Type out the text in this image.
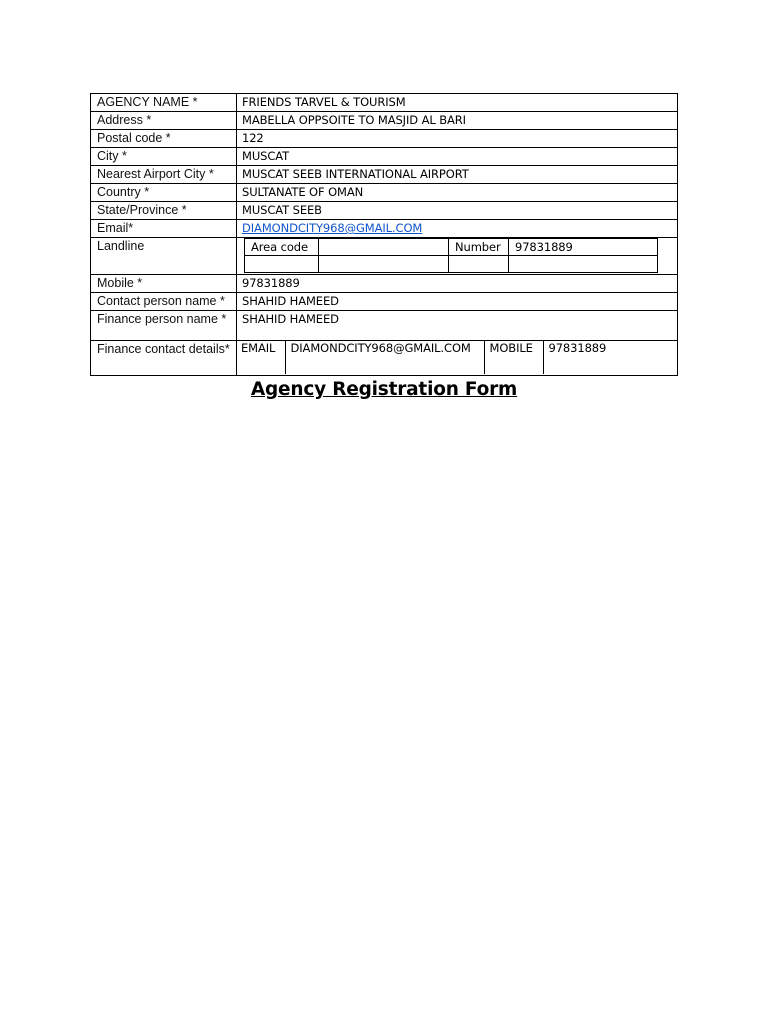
AGENCY NAME *	FRIENDS TARVEL & TOURISM
Address *	MABELLA OPPSOITE TO MASJID AL BARI
Postal code *	122
City *	MUSCAT
Nearest Airport City *	MUSCAT SEEB INTERNATIONAL AIRPORT
Country *	SULTANATE OF OMAN
State/Province *	MUSCAT SEEB
Email*	DIAMONDCITY968@GMAIL.COM
Landline		Area code		Number	97831889

Mobile *	97831889
Contact person name *	SHAHID HAMEED
Finance person name *	SHAHID HAMEED
Finance contact details*	EMAIL	DIAMONDCITY968@GMAIL.COM	MOBILE	97831889
Agency Registration Form
